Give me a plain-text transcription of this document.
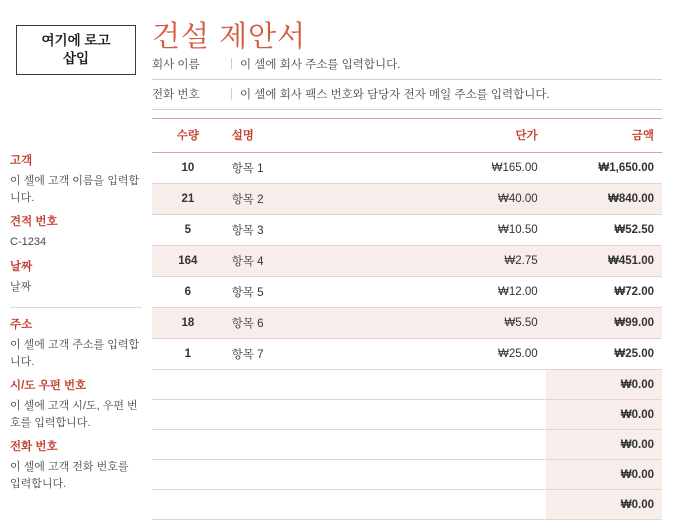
여기에 로고
삽입
건설 제안서
회사 이름	| 이 셀에 회사 주소를 입력합니다.
전화 번호	| 이 셀에 회사 팩스 번호와 담당자 전자 메일 주소를 입력합니다.
고객
이 셀에 고객 이름을 입력합니다.
견적 번호
C-1234
날짜
날짜
주소
이 셀에 고객 주소를 입력합니다.
시/도 우편 번호
이 셀에 고객 시/도, 우편 번호를 입력합니다.
전화 번호
이 셀에 고객 전화 번호를 입력합니다.
수량	설명	단가	금액
10	항목 1	₩165.00	₩1,650.00
21	항목 2	₩40.00	₩840.00
5	항목 3	₩10.50	₩52.50
164	항목 4	₩2.75	₩451.00
6	항목 5	₩12.00	₩72.00
18	항목 6	₩5.50	₩99.00
1	항목 7	₩25.00	₩25.00
			₩0.00
			₩0.00
			₩0.00
			₩0.00
			₩0.00
